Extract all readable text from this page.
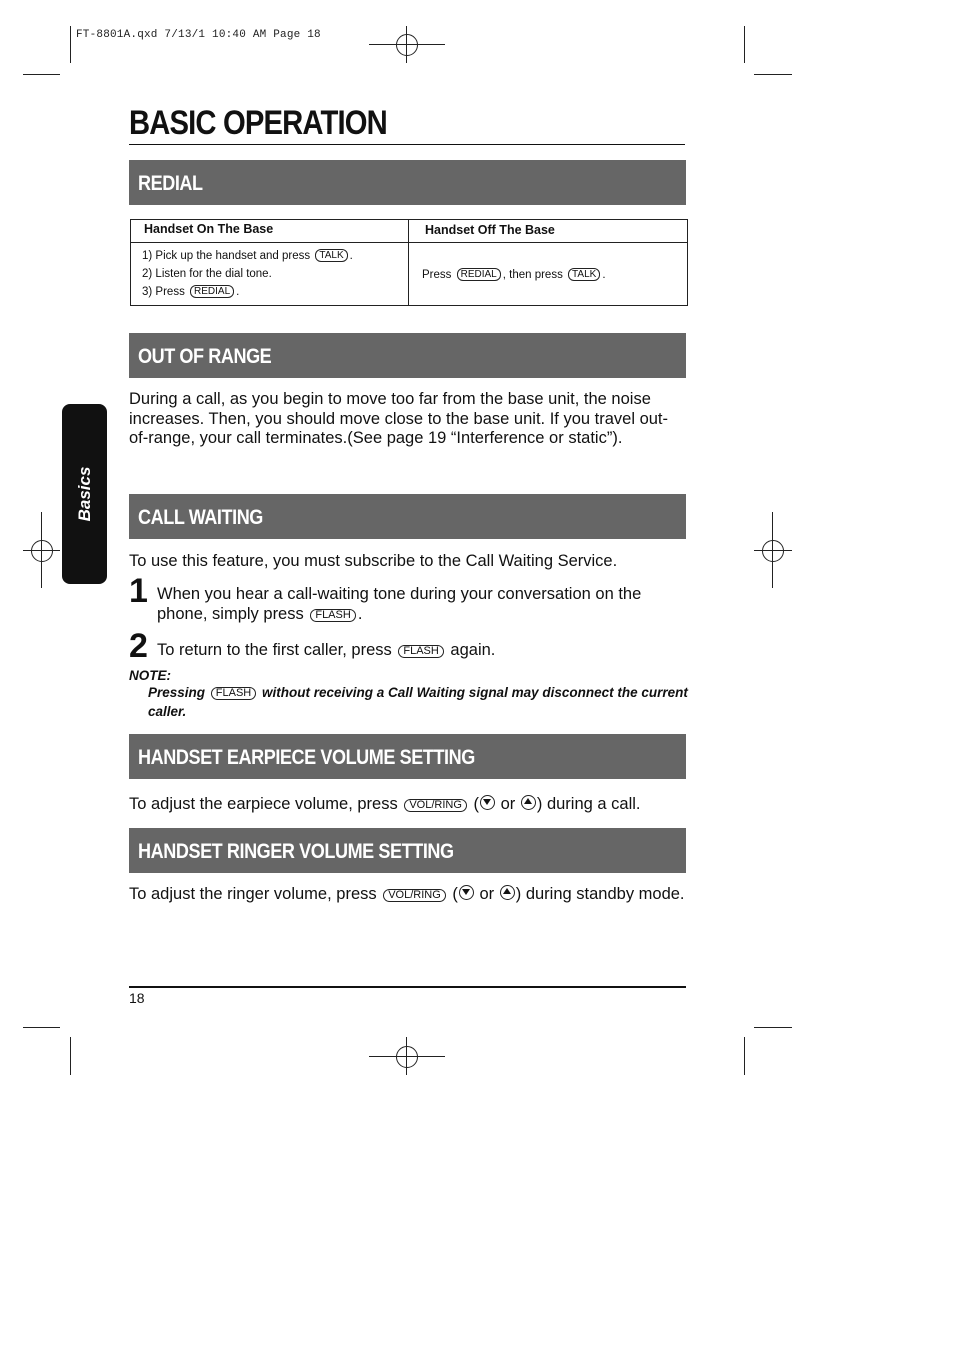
FT-8801A.qxd 7/13/1 10:40 AM Page 18
Basics
BASIC OPERATION
REDIAL
Handset On The Base	Handset Off The Base

1) Pick up the handset and press TALK .
2) Listen for the dial tone.
3) Press REDIAL .	Press REDIAL , then press TALK .
OUT OF RANGE
During a call, as you begin to move too far from the base unit, the noise increases. Then, you should move close to the base unit. If you travel out-of-range, your call terminates.(See page 19 “Interference or static”).
CALL WAITING
To use this feature, you must subscribe to the Call Waiting Service.
1 When you hear a call-waiting tone during your conversation on the phone, simply press FLASH .
2 To return to the first caller, press FLASH again.
NOTE:
Pressing FLASH without receiving a Call Waiting signal may disconnect the current caller.
HANDSET EARPIECE VOLUME SETTING
To adjust the earpiece volume, press VOL/RING ( or ) during a call.
HANDSET RINGER VOLUME SETTING
To adjust the ringer volume, press VOL/RING ( or ) during standby mode.
18
